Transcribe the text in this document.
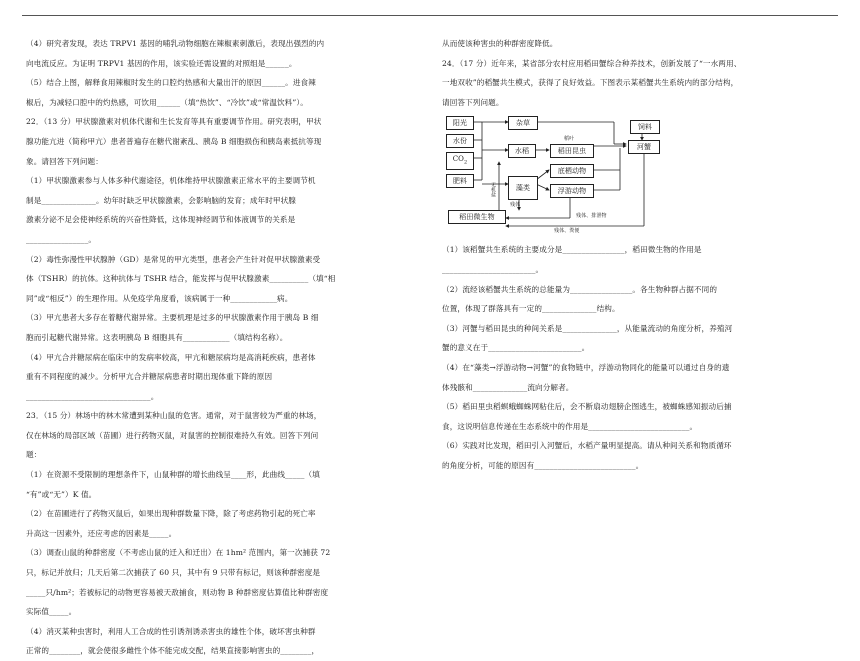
（4）研究者发现，表达 TRPV1 基因的哺乳动物细胞在辣椒素刺激后，表现出强烈的内

向电流反应。为证明 TRPV1 基因的作用，该实验还需设置的对照组是______。

（5）结合上图，解释食用辣椒时发生的口腔灼热感和大量出汗的原因______。进食辣

椒后，为减轻口腔中的灼热感，可饮用______（填“热饮”、“冷饮”或“常温饮料”）。

22．（13 分）甲状腺激素对机体代谢和生长发育等具有重要调节作用。研究表明，甲状

腺功能亢进（简称甲亢）患者普遍存在糖代谢紊乱、胰岛 B 细胞损伤和胰岛素抵抗等现

象。请回答下列问题：

（1）甲状腺激素参与人体多种代谢途径，机体维持甲状腺激素正常水平的主要调节机

制是______________。幼年时缺乏甲状腺激素，会影响脑的发育；成年时甲状腺

激素分泌不足会使神经系统的兴奋性降低，这体现神经调节和体液调节的关系是

________________。

（2）毒性弥漫性甲状腺肿（GD）是常见的甲亢类型，患者会产生针对促甲状腺激素受

体（TSHR）的抗体。这种抗体与 TSHR 结合，能发挥与促甲状腺激素__________（填“相

同”或“相反”）的生理作用。从免疫学角度看，该病属于一种____________病。

（3）甲亢患者大多存在着糖代谢异常。主要机理是过多的甲状腺激素作用于胰岛 B 细

胞而引起糖代谢异常。这表明胰岛 B 细胞具有____________（填结构名称）。

（4）甲亢合并糖尿病在临床中的发病率较高，甲亢和糖尿病均是高消耗疾病，患者体

重有不同程度的减少。分析甲亢合并糖尿病患者时期出现体重下降的原因

________________________________。

23．（15 分）林场中的林木常遭到某种山鼠的危害。通常，对于鼠害较为严重的林场，

仅在林场的局部区域（苗圃）进行药物灭鼠，对鼠害的控制很难持久有效。回答下列问

题：

（1）在资源不受限制的理想条件下，山鼠种群的增长曲线呈____形，此曲线_____（填

“有”或“无”）K 值。

（2）在苗圃进行了药物灭鼠后，如果出现种群数量下降，除了考虑药物引起的死亡率

升高这一因素外，还应考虑的因素是_____。

（3）调查山鼠的种群密度（不考虑山鼠的迁入和迁出）在 1hm² 范围内，第一次捕获 72

只，标记并放归；几天后第二次捕获了 60 只，其中有 9 只带有标记，则该种群密度是

_____只/hm²；若被标记的动物更容易被天敌捕食，则动物 B 种群密度估算值比种群密度

实际值_____。

（4）消灭某种虫害时，利用人工合成的性引诱剂诱杀害虫的雄性个体，破坏害虫种群

正常的________，就会使很多雌性个体不能完成交配，结果直接影响害虫的________，

从而使该种害虫的种群密度降低。

24．（17 分）近年来，某省部分农村应用稻田蟹综合种养技术，创新发展了“一水两用、

一地双收”的稻蟹共生模式，获得了良好效益。下图表示某稻蟹共生系统内的部分结构，

请回答下列问题。

阳光
水份
$CO_2$
肥料
杂草
水稻	稻田昆虫
藻类
底栖动物
浮游动物
稻田微生物
饲料
河蟹
稻叶
无机盐
残体
残体、排泄物
残体、粪便

（1）该稻蟹共生系统的主要成分是________________，稻田微生物的作用是

________________________。

（2）流经该稻蟹共生系统的总能量为________________。各生物种群占据不同的

位置，体现了群落具有一定的______________结构。

（3）河蟹与稻田昆虫的种间关系是______________，从能量流动的角度分析，养殖河

蟹的意义在于________________________。

（4）在“藻类→浮游动物→河蟹”的食物链中，浮游动物同化的能量可以通过自身的遗

体残骸和______________流向分解者。

（5）稻田里虫稻螟蛾蜘蛛网粘住后，会不断扇动翅膀企图逃生，被蜘蛛感知振动后捕

食，这说明信息传递在生态系统中的作用是__________________________。

（6）实践对比发现，稻田引入河蟹后，水稻产量明显提高。请从种间关系和物质循环

的角度分析，可能的原因有__________________________。
